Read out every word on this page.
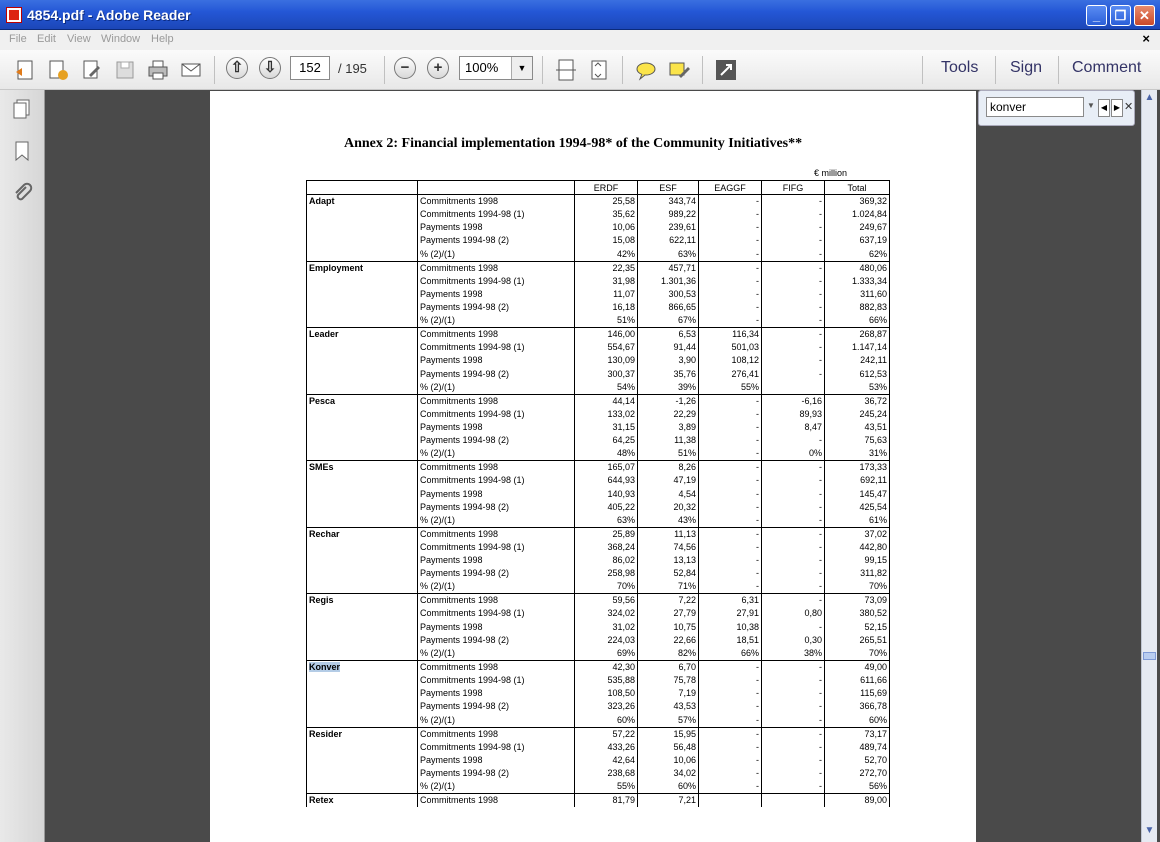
4854.pdf - Adobe Reader	_	❐ ✕
File Edit View Window Help	×
⇧	⇩	−	+
152	/ 195	100%	▼	Tools Sign Comment
Annex 2: Financial implementation 1994-98* of the Community Initiatives**
€ million
		ERDF	ESF	EAGGF	FIFG	Total
Adapt	Commitments 1998	25,58	343,74	-	-	369,32
	Commitments 1994-98 (1)	35,62	989,22	-	-	1.024,84
	Payments 1998	10,06	239,61	-	-	249,67
	Payments 1994-98 (2)	15,08	622,11	-	-	637,19
	% (2)/(1)	42%	63%	-	-	62%
Employment	Commitments 1998	22,35	457,71	-	-	480,06
	Commitments 1994-98 (1)	31,98	1.301,36	-	-	1.333,34
	Payments 1998	11,07	300,53	-	-	311,60
	Payments 1994-98 (2)	16,18	866,65	-	-	882,83
	% (2)/(1)	51%	67%	-	-	66%
Leader	Commitments 1998	146,00	6,53	116,34	-	268,87
	Commitments 1994-98 (1)	554,67	91,44	501,03	-	1.147,14
	Payments 1998	130,09	3,90	108,12	-	242,11
	Payments 1994-98 (2)	300,37	35,76	276,41	-	612,53
	% (2)/(1)	54%	39%	55%		53%
Pesca	Commitments 1998	44,14	-1,26	-	-6,16	36,72
	Commitments 1994-98 (1)	133,02	22,29	-	89,93	245,24
	Payments 1998	31,15	3,89	-	8,47	43,51
	Payments 1994-98 (2)	64,25	11,38	-	-	75,63
	% (2)/(1)	48%	51%	-	0%	31%
SMEs	Commitments 1998	165,07	8,26	-	-	173,33
	Commitments 1994-98 (1)	644,93	47,19	-	-	692,11
	Payments 1998	140,93	4,54	-	-	145,47
	Payments 1994-98 (2)	405,22	20,32	-	-	425,54
	% (2)/(1)	63%	43%	-	-	61%
Rechar	Commitments 1998	25,89	11,13	-	-	37,02
	Commitments 1994-98 (1)	368,24	74,56	-	-	442,80
	Payments 1998	86,02	13,13	-	-	99,15
	Payments 1994-98 (2)	258,98	52,84	-	-	311,82
	% (2)/(1)	70%	71%	-	-	70%
Regis	Commitments 1998	59,56	7,22	6,31	-	73,09
	Commitments 1994-98 (1)	324,02	27,79	27,91	0,80	380,52
	Payments 1998	31,02	10,75	10,38	-	52,15
	Payments 1994-98 (2)	224,03	22,66	18,51	0,30	265,51
	% (2)/(1)	69%	82%	66%	38%	70%
Konver	Commitments 1998	42,30	6,70	-	-	49,00
	Commitments 1994-98 (1)	535,88	75,78	-	-	611,66
	Payments 1998	108,50	7,19	-	-	115,69
	Payments 1994-98 (2)	323,26	43,53	-	-	366,78
	% (2)/(1)	60%	57%	-	-	60%
Resider	Commitments 1998	57,22	15,95	-	-	73,17
	Commitments 1994-98 (1)	433,26	56,48	-	-	489,74
	Payments 1998	42,64	10,06	-	-	52,70
	Payments 1994-98 (2)	238,68	34,02	-	-	272,70
	% (2)/(1)	55%	60%	-	-	56%
Retex	Commitments 1998	81,79	7,21			89,00
▼ ◀ ▶ ✕
konver
▲
▼
